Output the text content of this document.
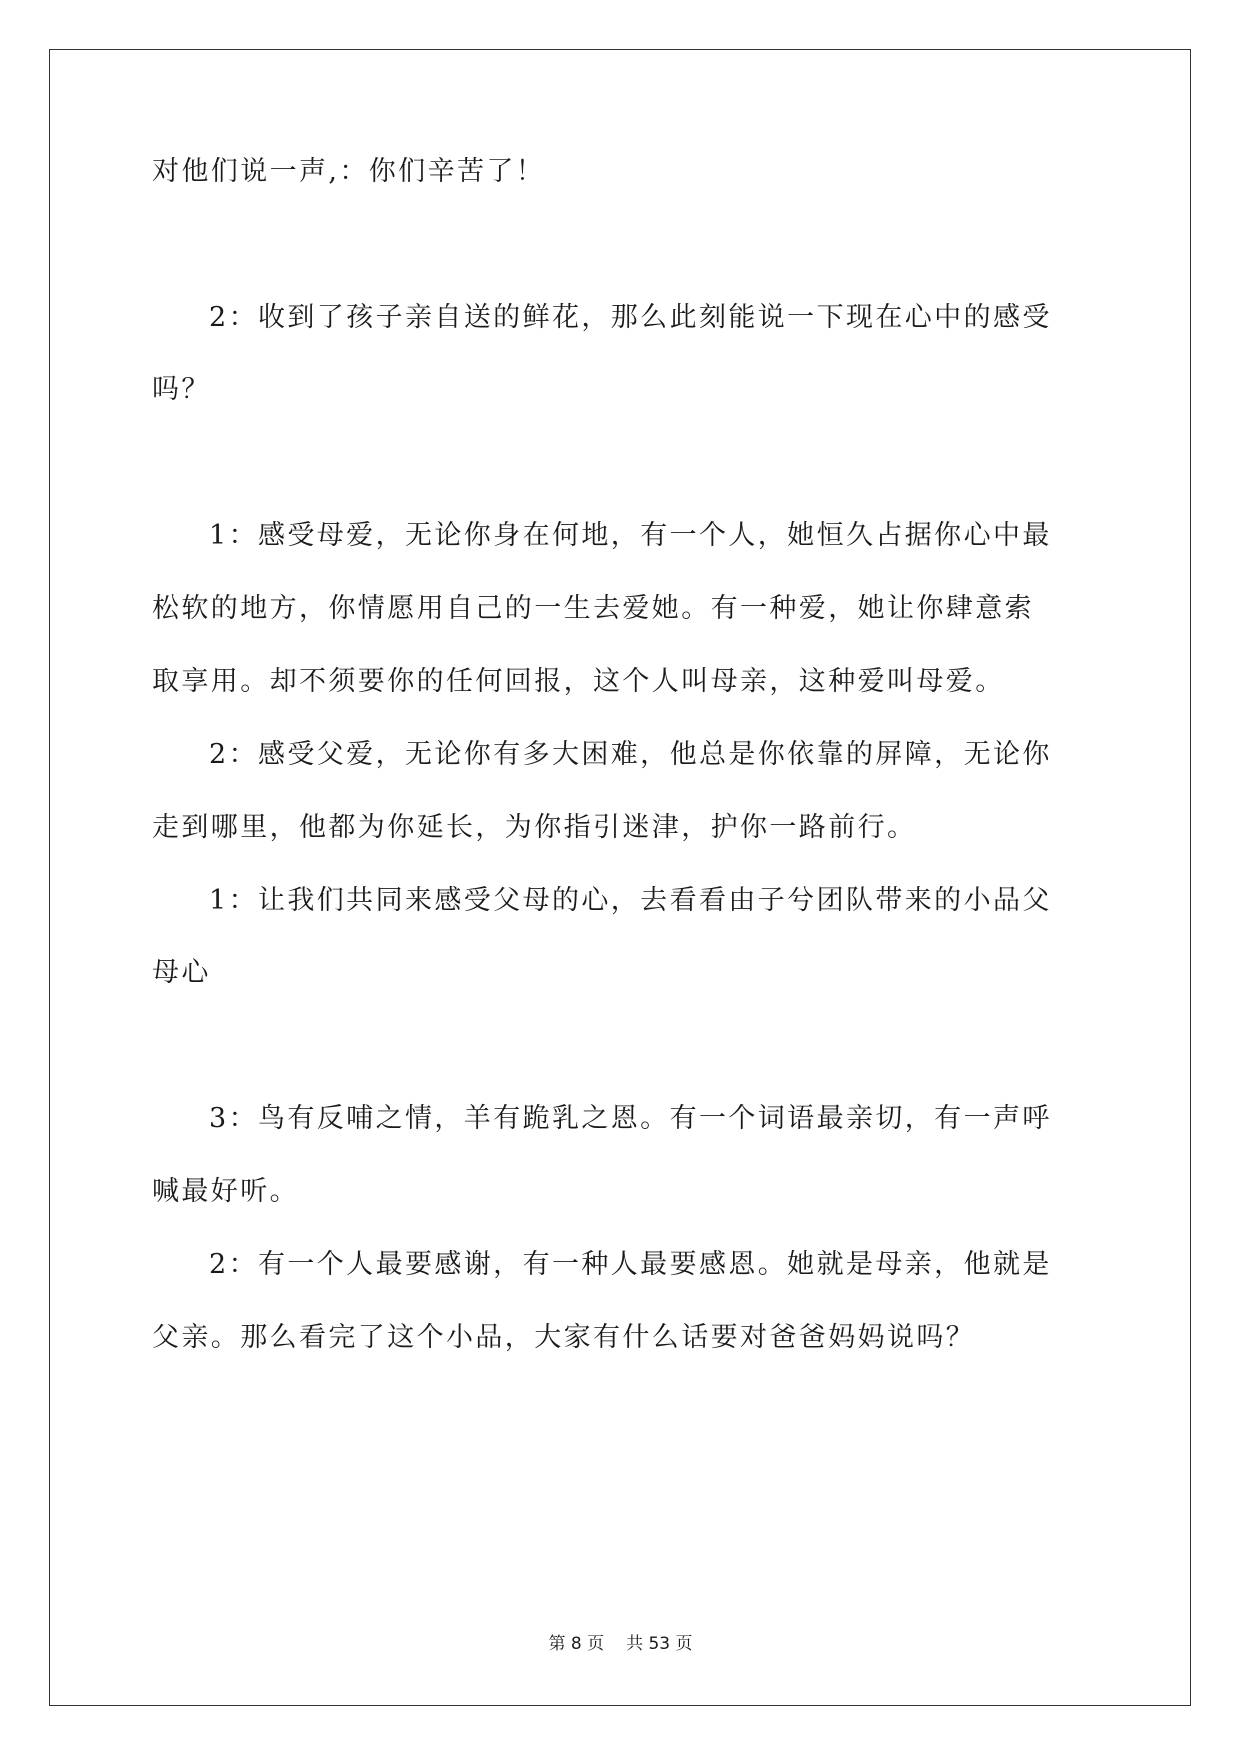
对他们说一声,：你们辛苦了！
2：收到了孩子亲自送的鲜花，那么此刻能说一下现在心中的感受
吗？
1：感受母爱，无论你身在何地，有一个人，她恒久占据你心中最
松软的地方，你情愿用自己的一生去爱她。有一种爱，她让你肆意索
取享用。却不须要你的任何回报，这个人叫母亲，这种爱叫母爱。
2：感受父爱，无论你有多大困难，他总是你依靠的屏障，无论你
走到哪里，他都为你延长，为你指引迷津，护你一路前行。
1：让我们共同来感受父母的心，去看看由子兮团队带来的小品父
母心
3：鸟有反哺之情，羊有跪乳之恩。有一个词语最亲切，有一声呼
喊最好听。
2：有一个人最要感谢，有一种人最要感恩。她就是母亲，他就是
父亲。那么看完了这个小品，大家有什么话要对爸爸妈妈说吗？
第 8 页 共 53 页
